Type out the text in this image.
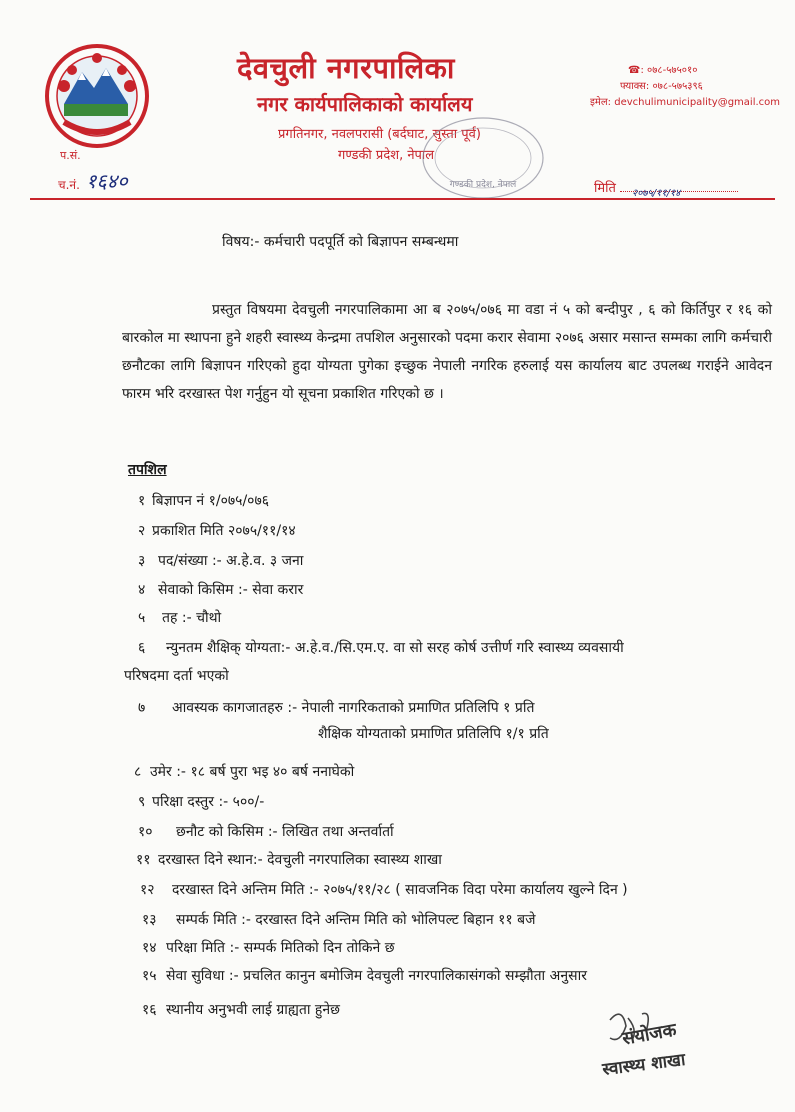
देवचुली नगरपालिका
नगर कार्यपालिकाको कार्यालय
प्रगतिनगर, नवलपरासी (बर्दघाट, सुस्ता पूर्व)
गण्डकी प्रदेश, नेपाल
☎: ०७८-५७५०१०
फ्याक्स: ०७८-५७५३९६
इमेल: devchulimunicipality@gmail.com
गण्डकी प्रदेश, नेपाल
प.सं.
च.नं. १६४०	मिति २०७५/११/१४
विषय:- कर्मचारी पदपूर्ति को बिज्ञापन सम्बन्धमा
प्रस्तुत विषयमा देवचुली नगरपालिकामा आ ब २०७५/०७६ मा वडा नं ५ को बन्दीपुर , ६ को किर्तिपुर र १६ को बारकोल मा स्थापना हुने शहरी स्वास्थ्य केन्द्रमा तपशिल अनुसारको पदमा करार सेवामा २०७६ असार मसान्त सम्मका लागि कर्मचारी छनौटका लागि बिज्ञापन गरिएको हुदा योग्यता पुगेका इच्छुक नेपाली नगरिक हरुलाई यस कार्यालय बाट उपलब्ध गराईने आवेदन फारम भरि दरखास्त पेश गर्नुहुन यो सूचना प्रकाशित गरिएको छ ।
तपशिल
१ बिज्ञापन नं १/०७५/०७६
२ प्रकाशित मिति २०७५/११/१४
३ पद/संख्या :- अ.हे.व. ३ जना
४ सेवाको किसिम :- सेवा करार
५ तह :- चौथो
६ न्युनतम शैक्षिक् योग्यता:- अ.हे.व./सि.एम.ए. वा सो सरह कोर्ष उत्तीर्ण गरि स्वास्थ्य व्यवसायी
परिषदमा दर्ता भएको
७ आवस्यक कागजातहरु :- नेपाली नागरिकताको प्रमाणित प्रतिलिपि १ प्रति
शैक्षिक योग्यताको प्रमाणित प्रतिलिपि १/१ प्रति
८ उमेर :- १८ बर्ष पुरा भइ ४० बर्ष ननाघेको
९ परिक्षा दस्तुर :- ५००/-
१० छनौट को किसिम :- लिखित तथा अन्तर्वार्ता
११ दरखास्त दिने स्थान:- देवचुली नगरपालिका स्वास्थ्य शाखा
१२ दरखास्त दिने अन्तिम मिति :- २०७५/११/२८ ( सावजनिक विदा परेमा कार्यालय खुल्ने दिन )
१३ सम्पर्क मिति :- दरखास्त दिने अन्तिम मिति को भोलिपल्ट बिहान ११ बजे
१४ परिक्षा मिति :- सम्पर्क मितिको दिन तोकिने छ
१५ सेवा सुविधा :- प्रचलित कानुन बमोजिम देवचुली नगरपालिकासंगको सम्झौता अनुसार
१६ स्थानीय अनुभवी लाई ग्राह्यता हुनेछ
संयोजक
स्वास्थ्य शाखा
